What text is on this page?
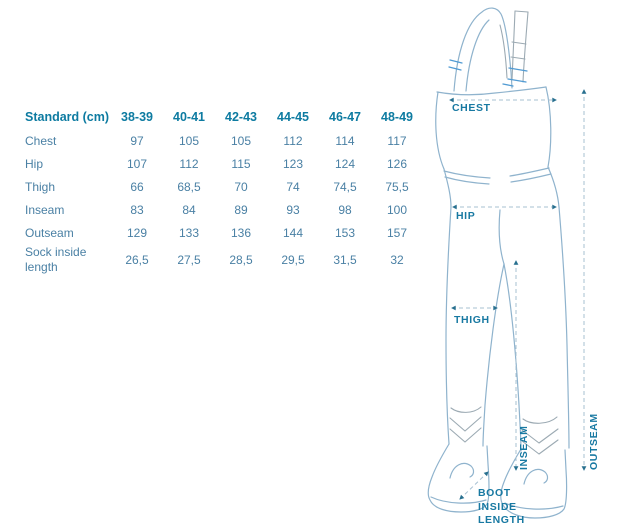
Standard (cm)	38-39	40-41	42-43	44-45	46-47	48-49
Chest	97	105	105	112	114	117
Hip	107	112	115	123	124	126
Thigh	66	68,5	70	74	74,5	75,5
Inseam	83	84	89	93	98	100
Outseam	129	133	136	144	153	157
Sock inside length	26,5	27,5	28,5	29,5	31,5	32
CHEST
HIP
THIGH
INSEAM	OUTSEAM
BOOT
INSIDE
LENGTH
